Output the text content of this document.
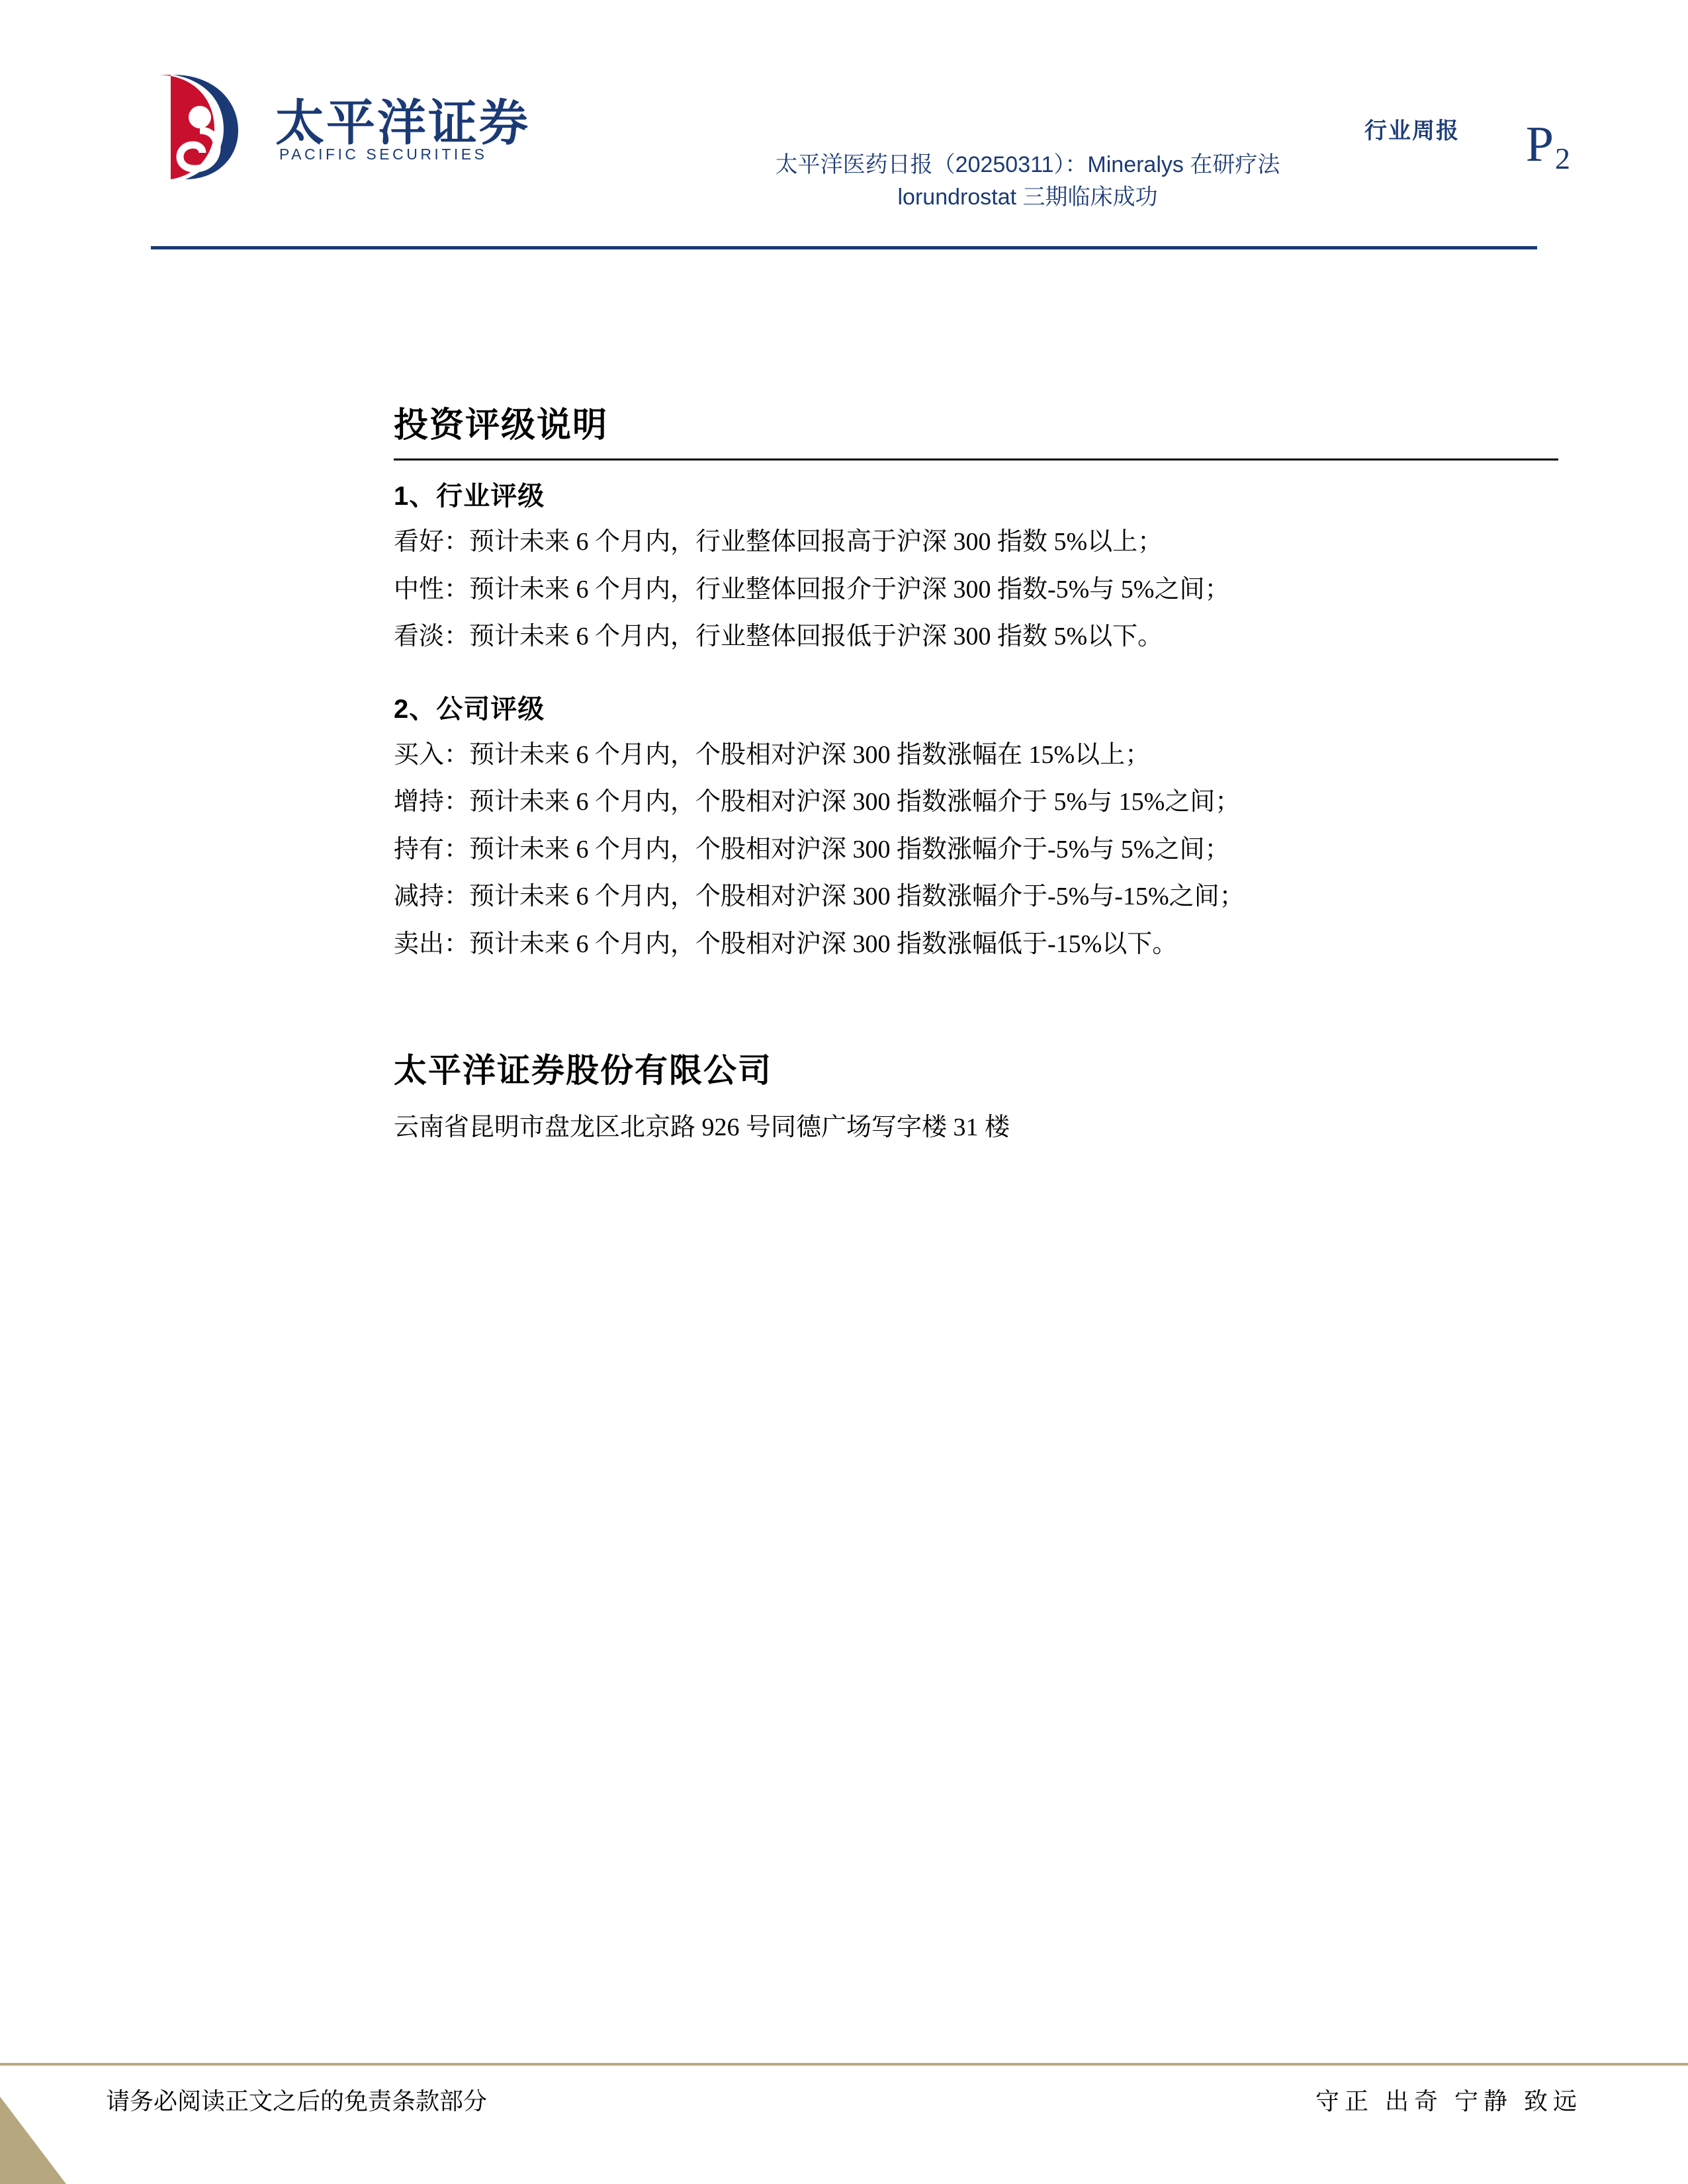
太平洋证券
PACIFIC SECURITIES
行业周报
太平洋医药日报（20250311）：Mineralys 在研疗法
lorundrostat 三期临床成功
$P_2$
投资评级说明
1、行业评级

看好：预计未来 6 个月内，行业整体回报高于沪深 300 指数 5%以上；

中性：预计未来 6 个月内，行业整体回报介于沪深 300 指数-5%与 5%之间；

看淡：预计未来 6 个月内，行业整体回报低于沪深 300 指数 5%以下。

2、公司评级

买入：预计未来 6 个月内，个股相对沪深 300 指数涨幅在 15%以上；

增持：预计未来 6 个月内，个股相对沪深 300 指数涨幅介于 5%与 15%之间；

持有：预计未来 6 个月内，个股相对沪深 300 指数涨幅介于-5%与 5%之间；

减持：预计未来 6 个月内，个股相对沪深 300 指数涨幅介于-5%与-15%之间；

卖出：预计未来 6 个月内，个股相对沪深 300 指数涨幅低于-15%以下。

太平洋证券股份有限公司

云南省昆明市盘龙区北京路 926 号同德广场写字楼 31 楼

请务必阅读正文之后的免责条款部分	守正 出奇 宁静 致远
